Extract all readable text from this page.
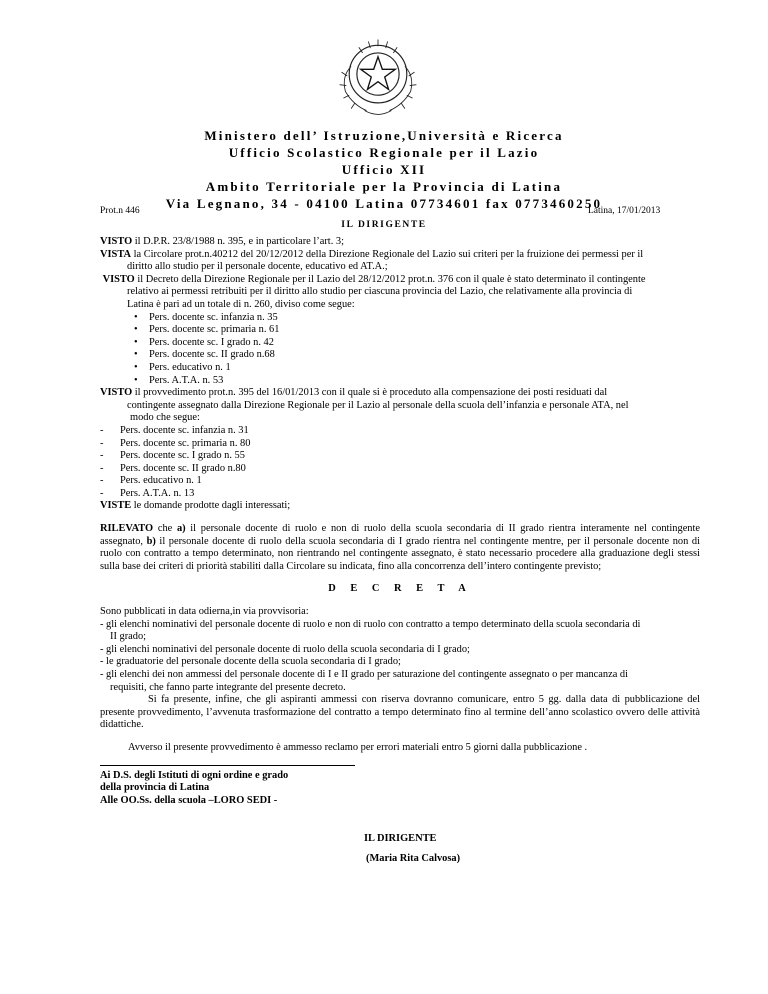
Ministero dell’ Istruzione,Università e Ricerca
Ufficio Scolastico Regionale per il Lazio
Ufficio XII
Ambito Territoriale per la Provincia di Latina
Via Legnano, 34 - 04100 Latina 07734601 fax 0773460250
Prot.n 446	Latina, 17/01/2013
IL DIRIGENTE

VISTO il D.P.R. 23/8/1988 n. 395, e in particolare l’art. 3;

VISTA la Circolare prot.n.40212 del 20/12/2012 della Direzione Regionale del Lazio sui criteri per la fruizione dei permessi per il

diritto allo studio per il personale docente, educativo ed AT.A.;

VISTO il Decreto della Direzione Regionale per il Lazio del 28/12/2012 prot.n. 376 con il quale è stato determinato il contingente

relativo ai permessi retribuiti per il diritto allo studio per ciascuna provincia del Lazio, che relativamente alla provincia di

Latina è pari ad un totale di n. 260, diviso come segue:

• Pers. docente sc. infanzia n. 35
• Pers. docente sc. primaria n. 61
• Pers. docente sc. I grado n. 42
• Pers. docente sc. II grado n.68
• Pers. educativo n. 1
• Pers. A.T.A. n. 53

VISTO il provvedimento prot.n. 395 del 16/01/2013 con il quale si è proceduto alla compensazione dei posti residuati dal

contingente assegnato dalla Direzione Regionale per il Lazio al personale della scuola dell’infanzia e personale ATA, nel

modo che segue:

- Pers. docente sc. infanzia n. 31
- Pers. docente sc. primaria n. 80
- Pers. docente sc. I grado n. 55
- Pers. docente sc. II grado n.80
- Pers. educativo n. 1
- Pers. A.T.A. n. 13

VISTE le domande prodotte dagli interessati;

RILEVATO che a) il personale docente di ruolo e non di ruolo della scuola secondaria di II grado rientra interamente nel contingente assegnato, b) il personale docente di ruolo della scuola secondaria di I grado rientra nel contingente mentre, per il personale docente non di ruolo con contratto a tempo determinato, non rientrando nel contingente assegnato, è stato necessario procedere alla graduazione degli stessi sulla base dei criteri di priorità stabiliti dalla Circolare su indicata, fino alla concorrenza dell’intero contingente previsto;

D E C R E T A

Sono pubblicati in data odierna,in via provvisoria:

- gli elenchi nominativi del personale docente di ruolo e non di ruolo con contratto a tempo determinato della scuola secondaria di

II grado;

- gli elenchi nominativi del personale docente di ruolo della scuola secondaria di I grado;

- le graduatorie del personale docente della scuola secondaria di I grado;

- gli elenchi dei non ammessi del personale docente di I e II grado per saturazione del contingente assegnato o per mancanza di

requisiti, che fanno parte integrante del presente decreto.

Si fa presente, infine, che gli aspiranti ammessi con riserva dovranno comunicare, entro 5 gg. dalla data di pubblicazione del presente provvedimento, l’avvenuta trasformazione del contratto a tempo determinato fino al termine dell’anno scolastico ovvero delle attività didattiche.

Avverso il presente provvedimento è ammesso reclamo per errori materiali entro 5 giorni dalla pubblicazione .

Ai D.S. degli Istituti di ogni ordine e grado

della provincia di Latina

Alle OO.Ss. della scuola –LORO SEDI -

IL DIRIGENTE
(Maria Rita Calvosa)
